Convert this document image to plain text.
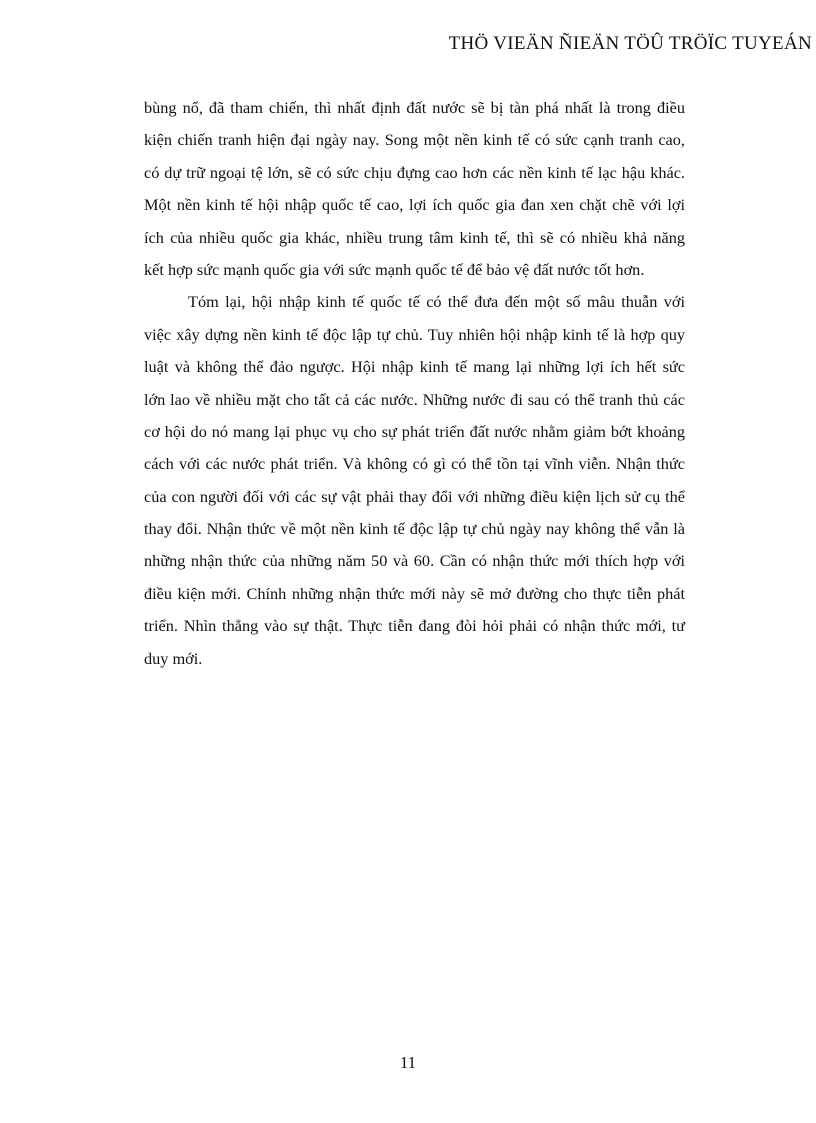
THÖ VIEÄN ÑIEÄN TÖÛ TRÖÏC TUYEÁN
bùng nổ, đã tham chiến, thì nhất định đất nước sẽ bị tàn phá nhất là trong điều
kiện chiến tranh hiện đại ngày nay. Song một nền kinh tế có sức cạnh tranh cao,
có dự trữ ngoại tệ lớn, sẽ có sức chịu đựng cao hơn các nền kinh tế lạc hậu khác.
Một nền kinh tế hội nhập quốc tế cao, lợi ích quốc gia đan xen chặt chẽ với lợi
ích của nhiều quốc gia khác, nhiều trung tâm kinh tế, thì sẽ có nhiều khả năng
kết hợp sức mạnh quốc gia với sức mạnh quốc tế để bảo vệ đất nước tốt hơn.
Tóm lại, hội nhập kinh tế quốc tế có thể đưa đến một số mâu thuẫn với
việc xây dựng nền kinh tế độc lập tự chủ. Tuy nhiên hội nhập kinh tế là hợp quy
luật và không thể đảo ngược. Hội nhập kinh tế mang lại những lợi ích hết sức
lớn lao về nhiều mặt cho tất cả các nước. Những nước đi sau có thể tranh thủ các
cơ hội do nó mang lại phục vụ cho sự phát triển đất nước nhằm giảm bớt khoảng
cách với các nước phát triển. Và không có gì có thể tồn tại vĩnh viễn. Nhận thức
của con người đối với các sự vật phải thay đổi với những điều kiện lịch sử cụ thể
thay đổi. Nhận thức về một nền kinh tế độc lập tự chủ ngày nay không thể vẫn là
những nhận thức của những năm 50 và 60. Cần có nhận thức mới thích hợp với
điều kiện mới. Chính những nhận thức mới này sẽ mở đường cho thực tiễn phát
triển. Nhìn thẳng vào sự thật. Thực tiễn đang đòi hỏi phải có nhận thức mới, tư
duy mới.
11
